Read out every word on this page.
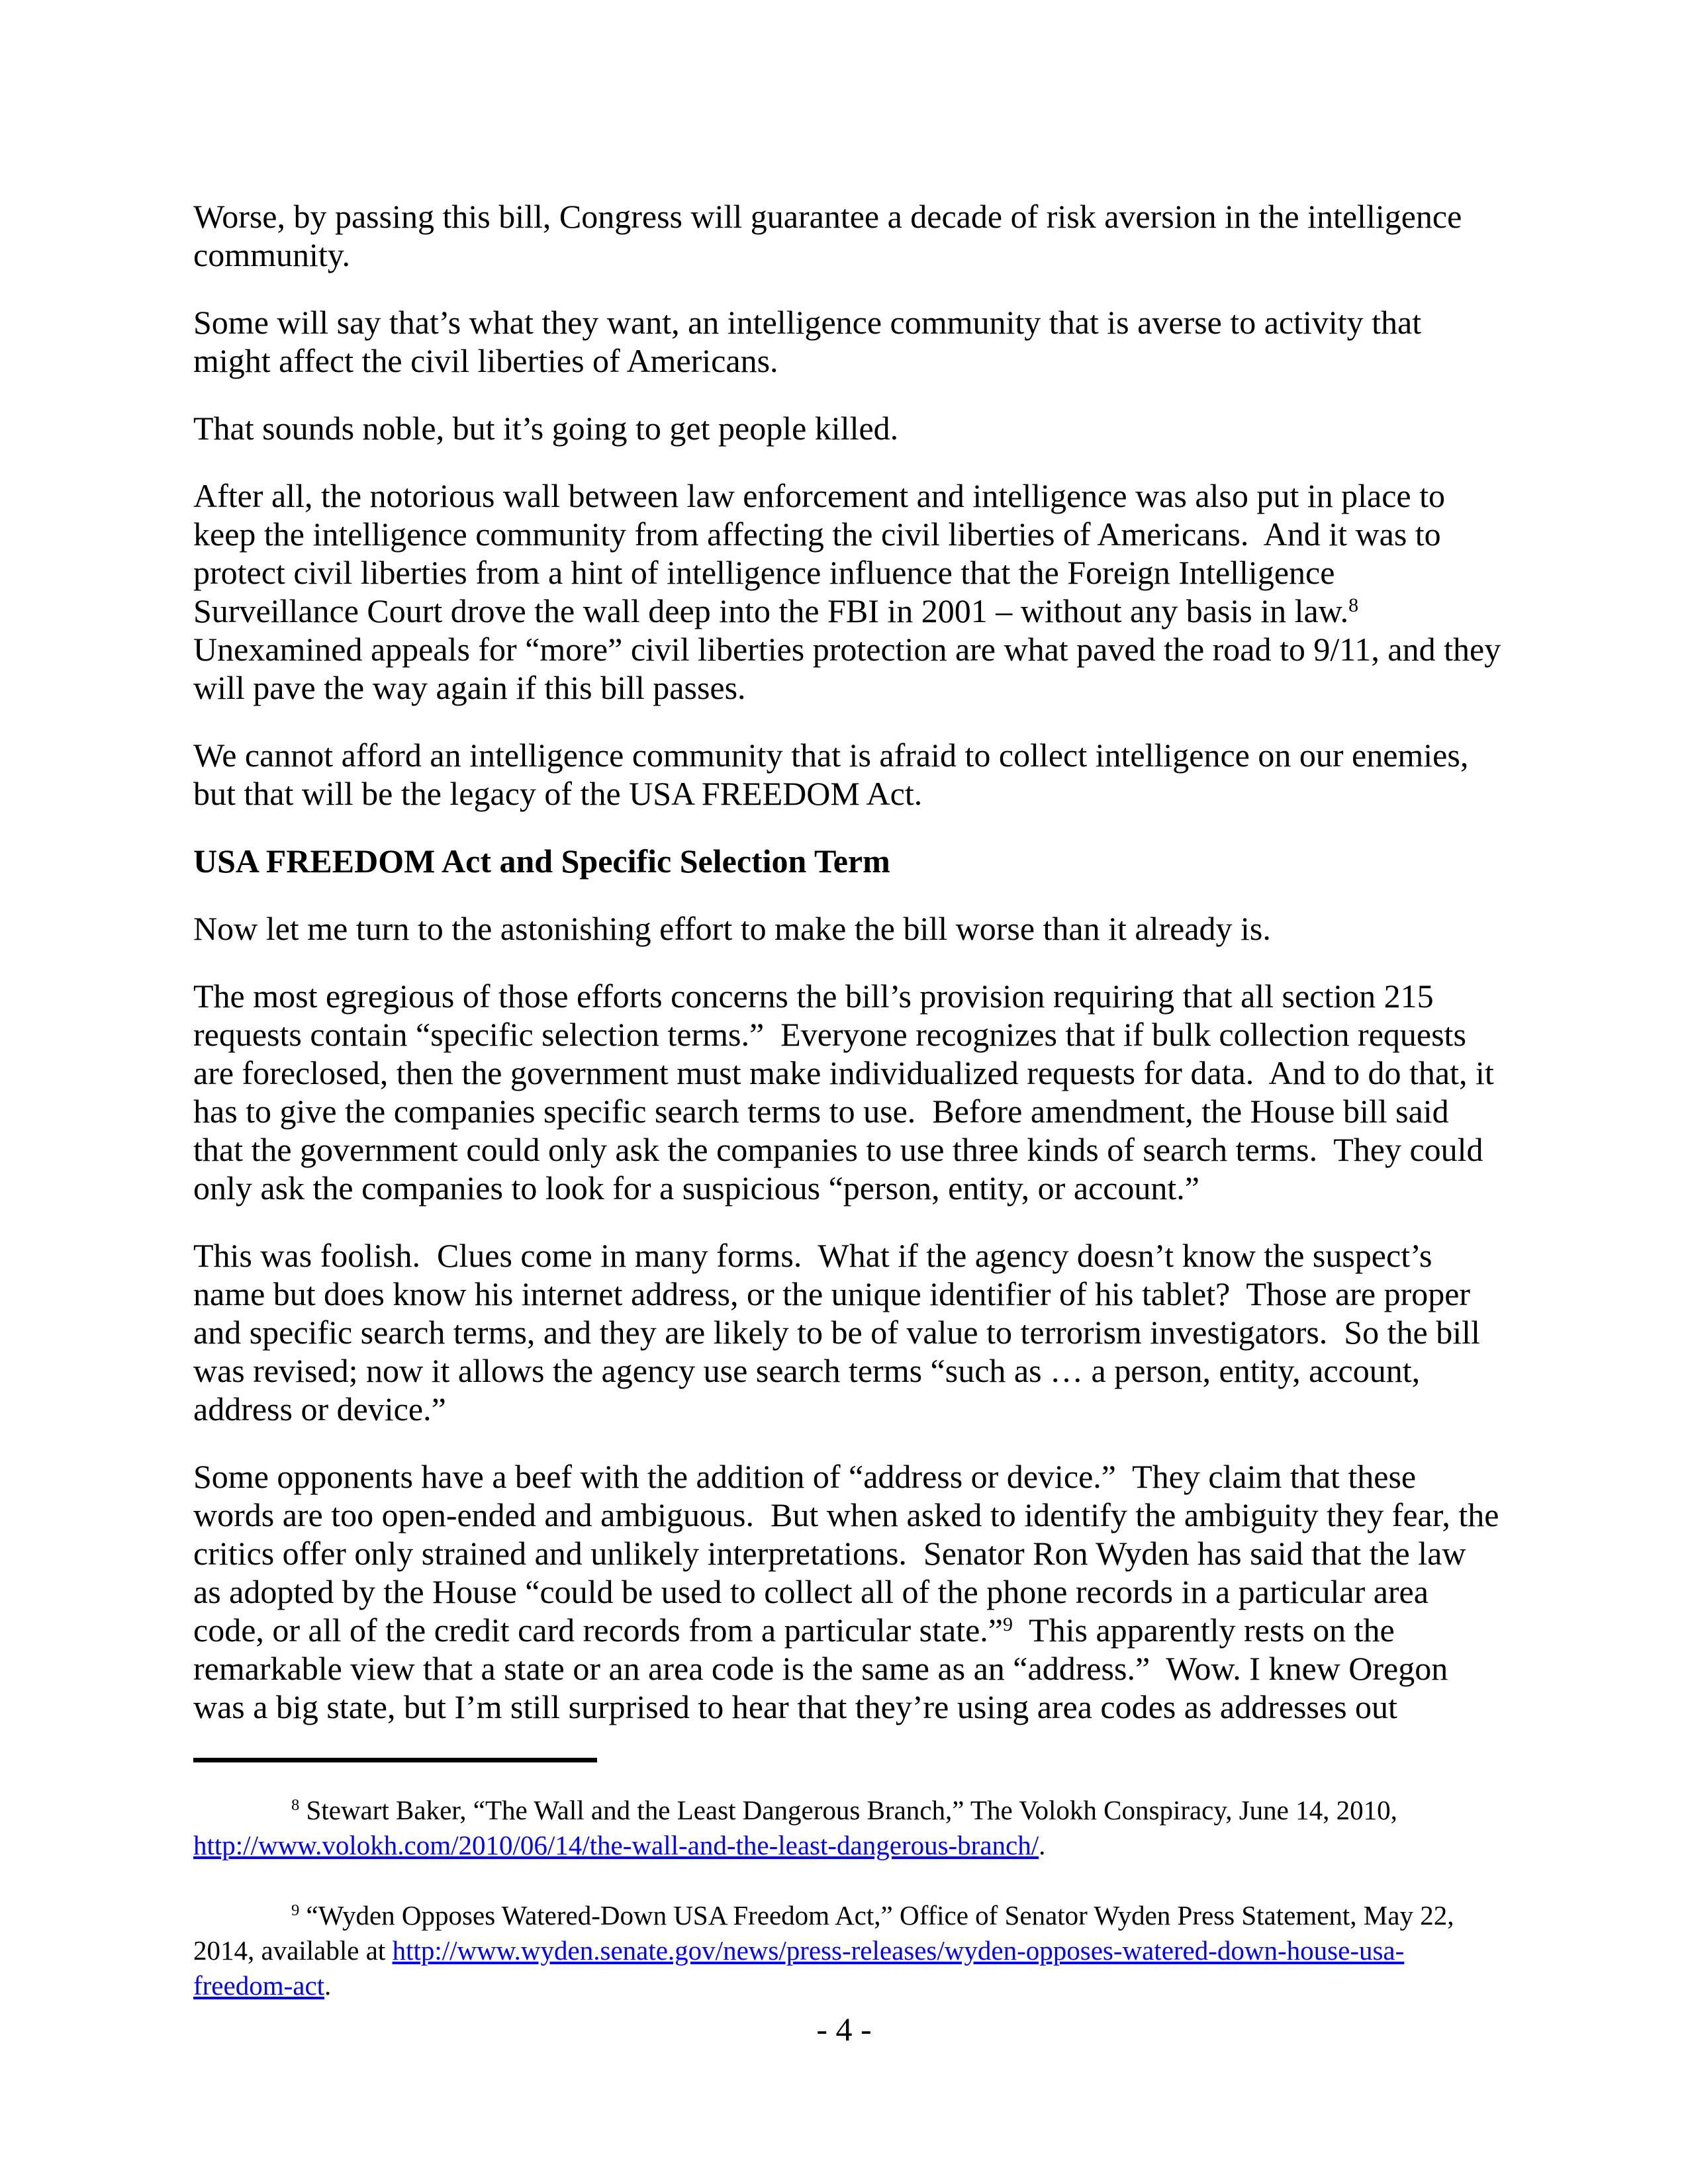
Worse, by passing this bill, Congress will guarantee a decade of risk aversion in the intelligence community.

Some will say that’s what they want, an intelligence community that is averse to activity that might affect the civil liberties of Americans.

That sounds noble, but it’s going to get people killed.

After all, the notorious wall between law enforcement and intelligence was also put in place to keep the intelligence community from affecting the civil liberties of Americans.  And it was to protect civil liberties from a hint of intelligence influence that the Foreign Intelligence Surveillance Court drove the wall deep into the FBI in 2001 – without any basis in law.$^8$  Unexamined appeals for “more” civil liberties protection are what paved the road to 9/11, and they will pave the way again if this bill passes.

We cannot afford an intelligence community that is afraid to collect intelligence on our enemies, but that will be the legacy of the USA FREEDOM Act.

USA FREEDOM Act and Specific Selection Term

Now let me turn to the astonishing effort to make the bill worse than it already is.

The most egregious of those efforts concerns the bill’s provision requiring that all section 215 requests contain “specific selection terms.”  Everyone recognizes that if bulk collection requests are foreclosed, then the government must make individualized requests for data.  And to do that, it has to give the companies specific search terms to use.  Before amendment, the House bill said that the government could only ask the companies to use three kinds of search terms.  They could only ask the companies to look for a suspicious “person, entity, or account.”

This was foolish.  Clues come in many forms.  What if the agency doesn’t know the suspect’s name but does know his internet address, or the unique identifier of his tablet?  Those are proper and specific search terms, and they are likely to be of value to terrorism investigators.  So the bill was revised; now it allows the agency use search terms “such as … a person, entity, account, address or device.”

Some opponents have a beef with the addition of “address or device.”  They claim that these words are too open-ended and ambiguous.  But when asked to identify the ambiguity they fear, the critics offer only strained and unlikely interpretations.  Senator Ron Wyden has said that the law as adopted by the House “could be used to collect all of the phone records in a particular area code, or all of the credit card records from a particular state.”$^9$  This apparently rests on the remarkable view that a state or an area code is the same as an “address.”  Wow. I knew Oregon was a big state, but I’m still surprised to hear that they’re using area codes as addresses out

$^8$ Stewart Baker, “The Wall and the Least Dangerous Branch,” The Volokh Conspiracy, June 14, 2010, http://www.volokh.com/2010/06/14/the-wall-and-the-least-dangerous-branch/.

$^9$ “Wyden Opposes Watered-Down USA Freedom Act,” Office of Senator Wyden Press Statement, May 22, 2014, available at http://www.wyden.senate.gov/news/press-releases/wyden-opposes-watered-down-house-usa-freedom-act.

- 4 -
